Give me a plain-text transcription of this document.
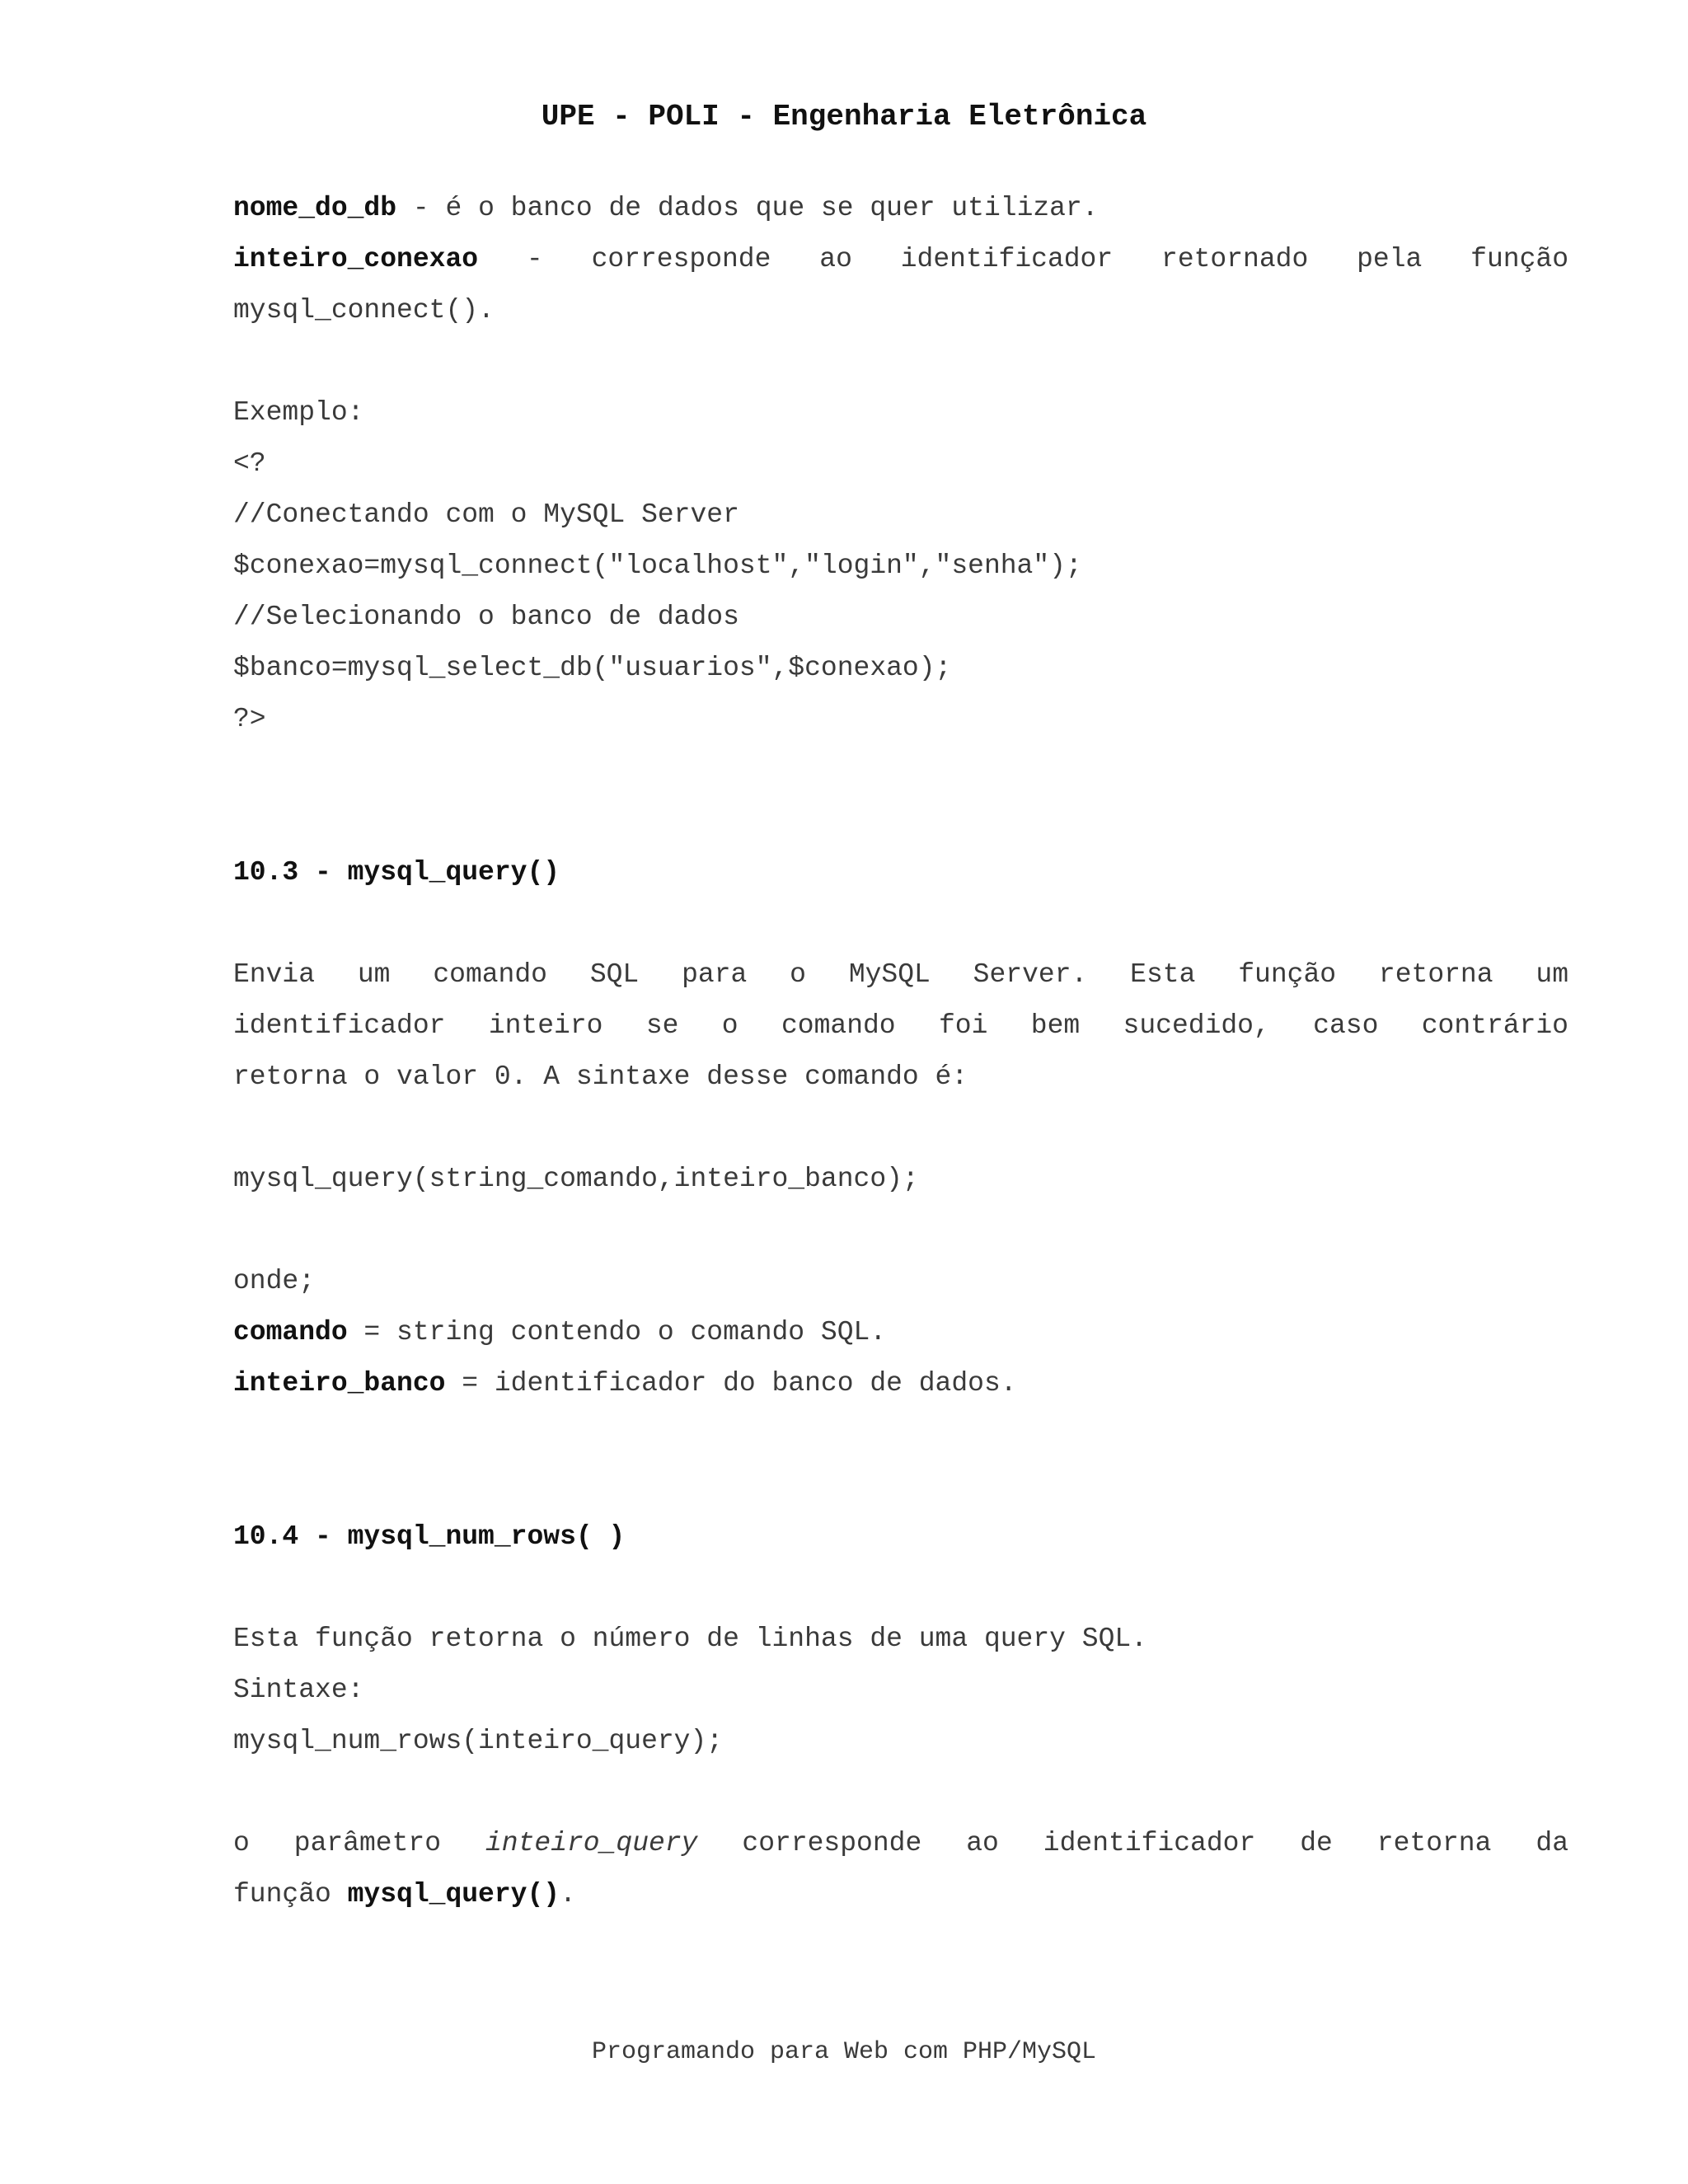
UPE - POLI - Engenharia Eletrônica
nome_do_db - é o banco de dados que se quer utilizar.
inteiro_conexao - corresponde ao identificador retornado pela função
mysql_connect().
Exemplo:
<?
//Conectando com o MySQL Server
$conexao=mysql_connect("localhost","login","senha");
//Selecionando o banco de dados
$banco=mysql_select_db("usuarios",$conexao);
?>
10.3 - mysql_query()
Envia um comando SQL para o MySQL Server. Esta função retorna um
identificador inteiro se o comando foi bem sucedido, caso contrário
retorna o valor 0. A sintaxe desse comando é:
mysql_query(string_comando,inteiro_banco);
onde;
comando = string contendo o comando SQL.
inteiro_banco = identificador do banco de dados.
10.4 - mysql_num_rows( )
Esta função retorna o número de linhas de uma query SQL.
Sintaxe:
mysql_num_rows(inteiro_query);
o parâmetro inteiro_query corresponde ao identificador de retorna da
função mysql_query().
Programando para Web com PHP/MySQL
